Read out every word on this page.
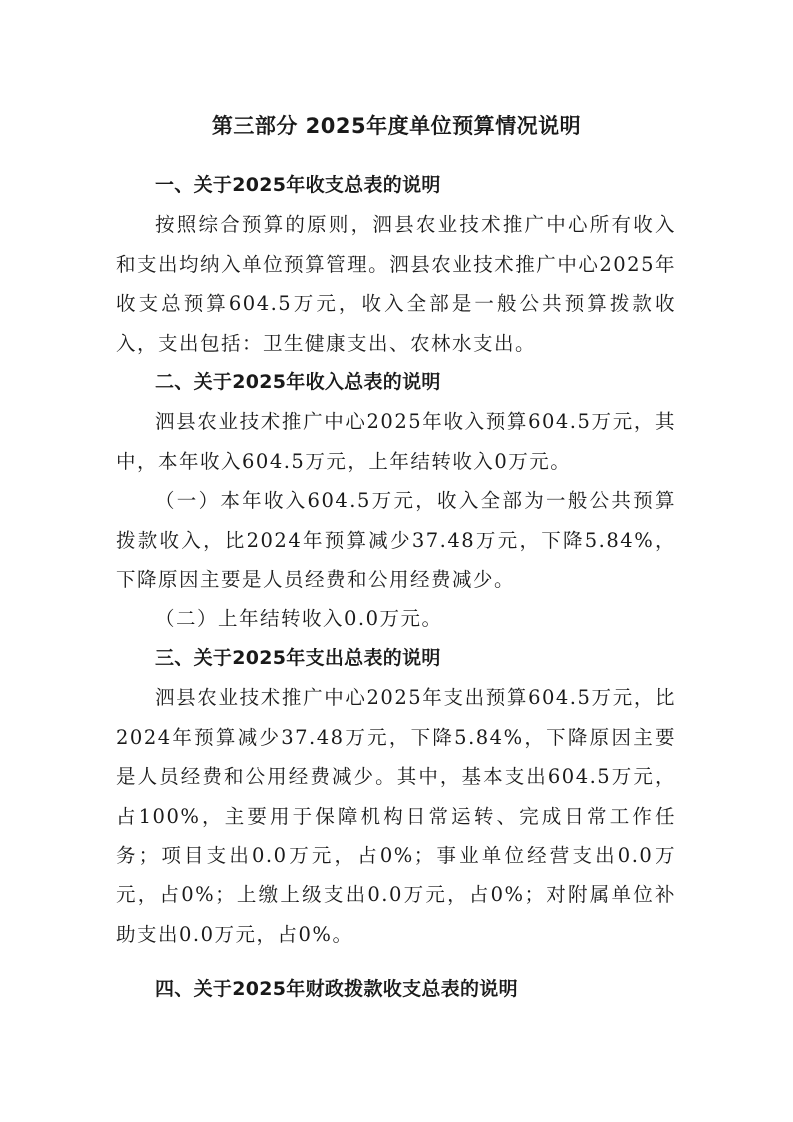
第三部分 2025年度单位预算情况说明

一、关于2025年收支总表的说明

按照综合预算的原则，泗县农业技术推广中心所有收入和支出均纳入单位预算管理。泗县农业技术推广中心2025年收支总预算604.5万元，收入全部是一般公共预算拨款收入，支出包括：卫生健康支出、农林水支出。

二、关于2025年收入总表的说明

泗县农业技术推广中心2025年收入预算604.5万元，其中，本年收入604.5万元，上年结转收入0万元。

（一）本年收入604.5万元，收入全部为一般公共预算拨款收入，比2024年预算减少37.48万元，下降5.84%，下降原因主要是人员经费和公用经费减少。

（二）上年结转收入0.0万元。

三、关于2025年支出总表的说明

泗县农业技术推广中心2025年支出预算604.5万元，比2024年预算减少37.48万元，下降5.84%，下降原因主要是人员经费和公用经费减少。其中，基本支出604.5万元，占100%，主要用于保障机构日常运转、完成日常工作任务；项目支出0.0万元，占0%；事业单位经营支出0.0万元，占0%；上缴上级支出0.0万元，占0%；对附属单位补助支出0.0万元，占0%。

四、关于2025年财政拨款收支总表的说明
